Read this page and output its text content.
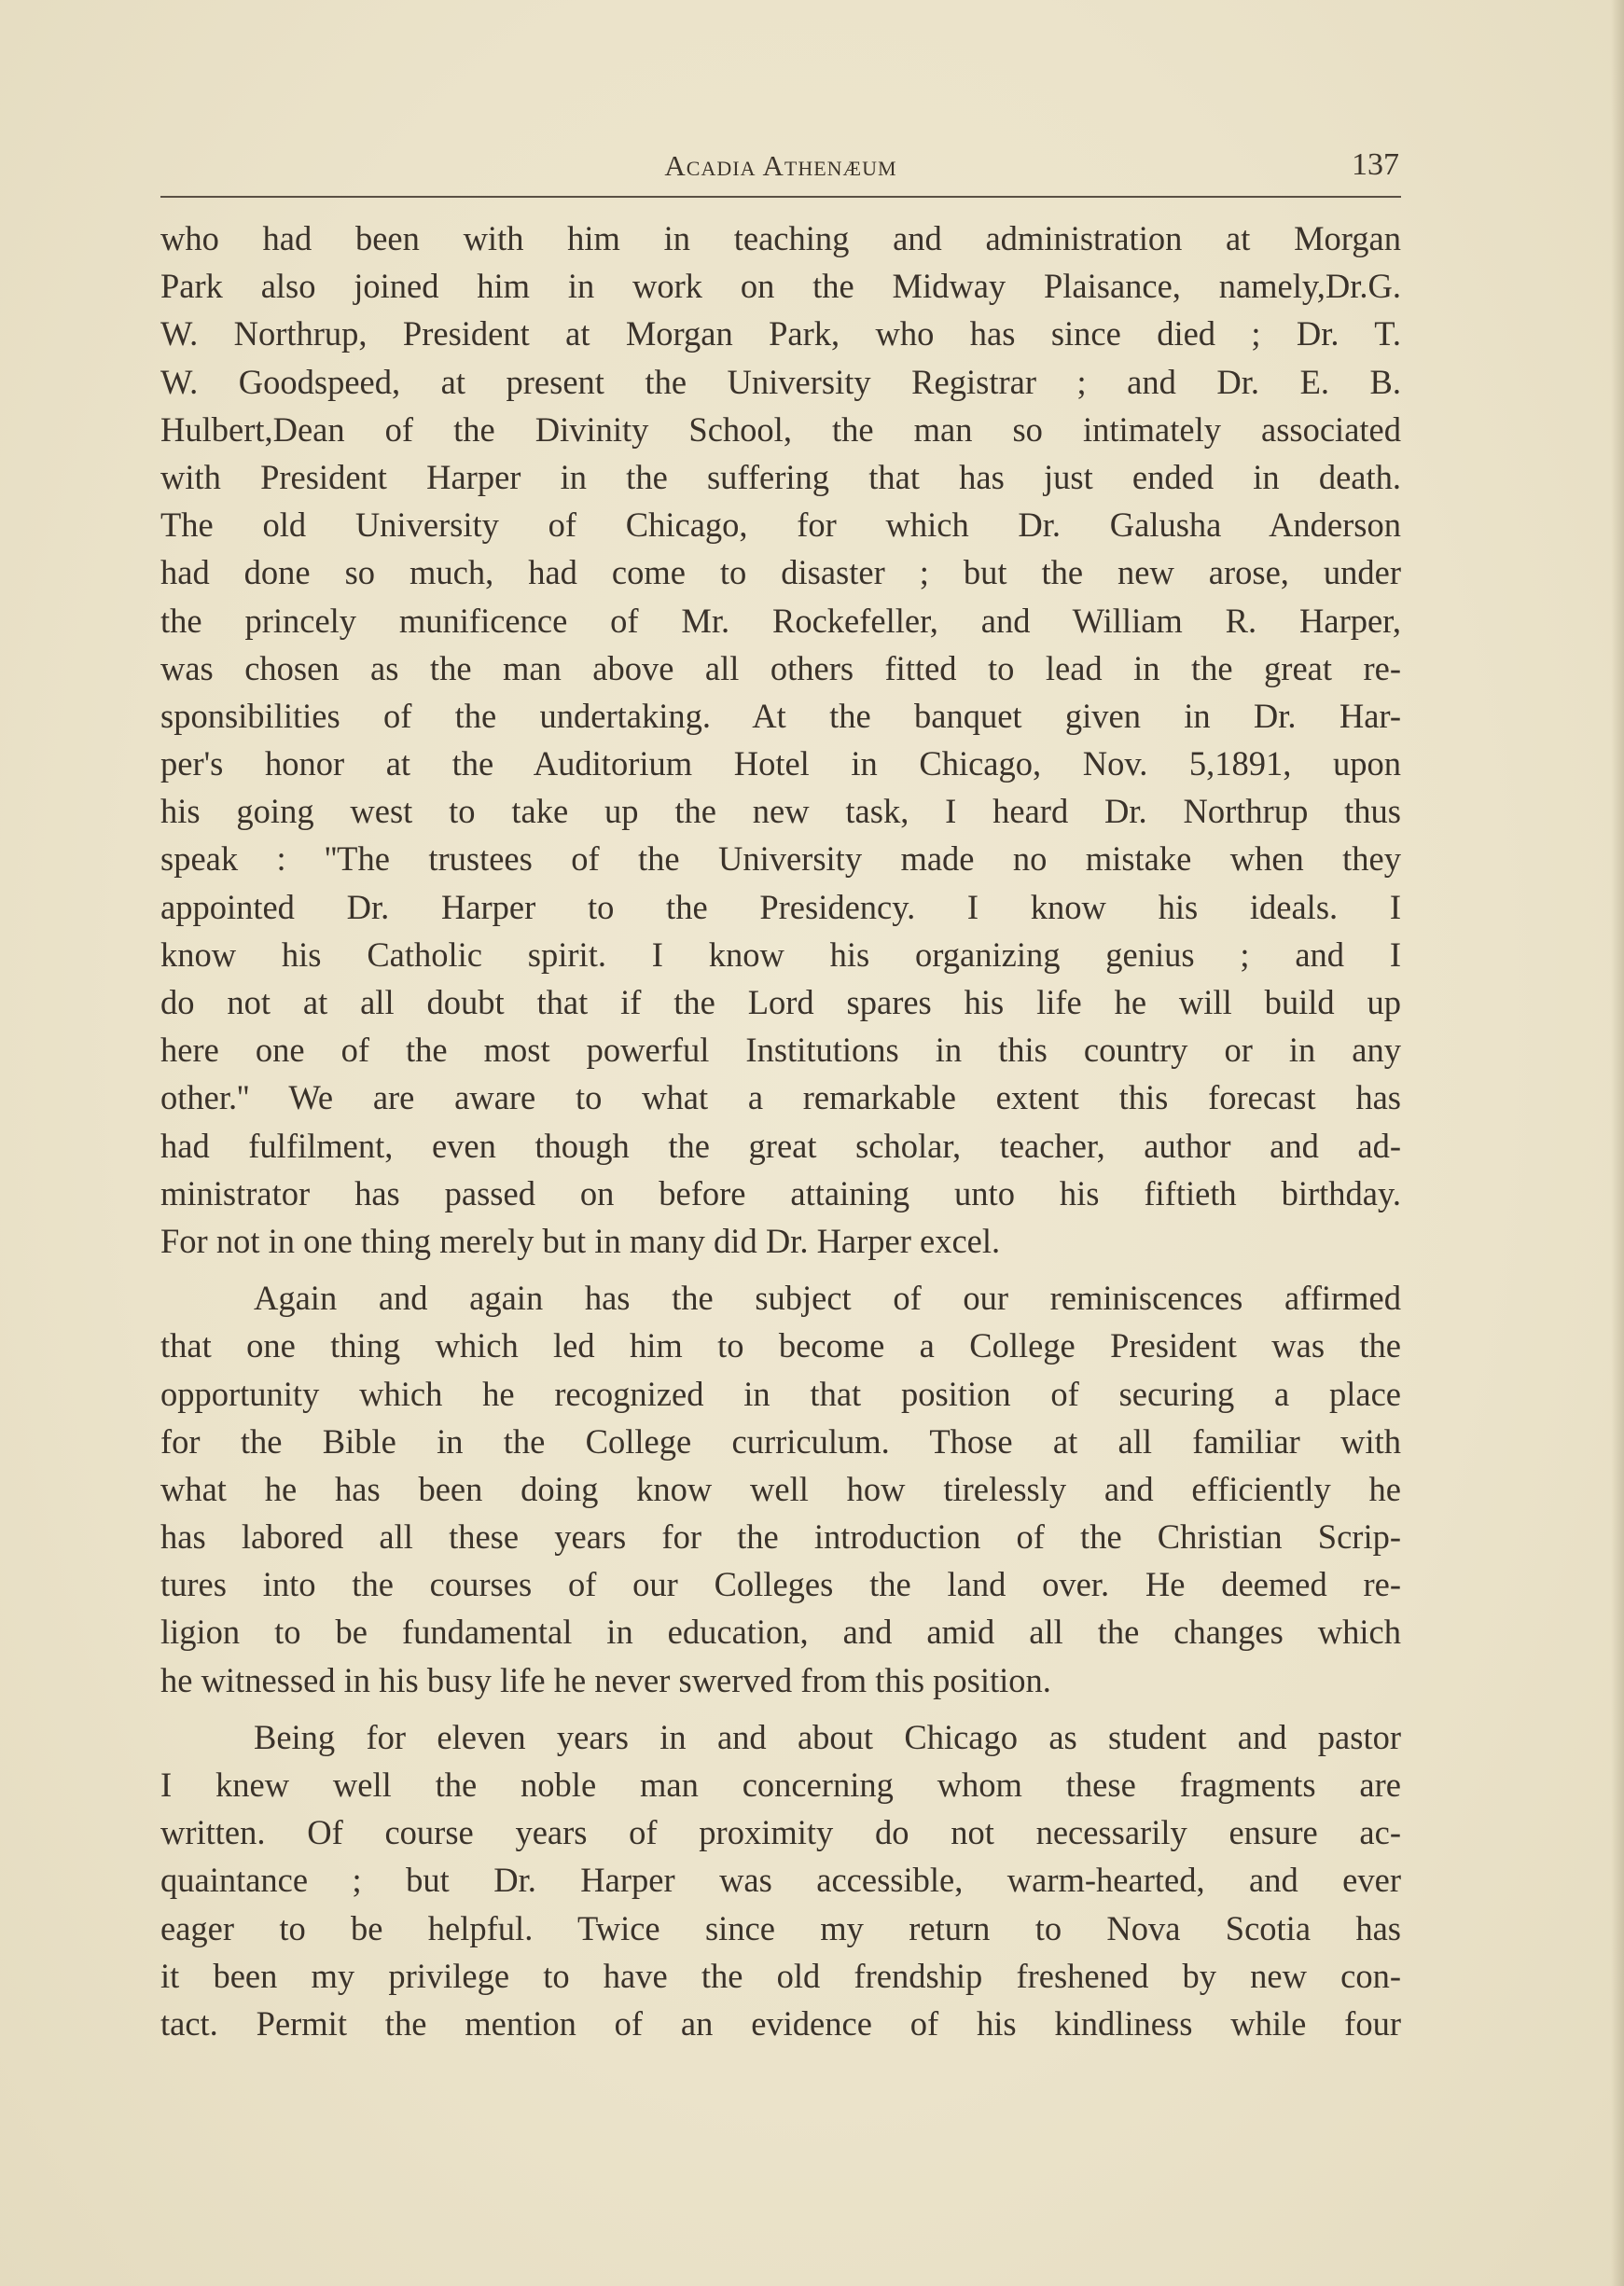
Acadia Athenæum	137
who had been with him in teaching and administration at Morgan
Park also joined him in work on the Midway Plaisance, namely,Dr.G.
W. Northrup, President at Morgan Park, who has since died ; Dr. T.
W. Goodspeed, at present the University Registrar ; and Dr. E. B.
Hulbert,Dean of the Divinity School, the man so intimately associated
with President Harper in the suffering that has just ended in death.
The old University of Chicago, for which Dr. Galusha Anderson
had done so much, had come to disaster ; but the new arose, under
the princely munificence of Mr. Rockefeller, and William R. Harper,
was chosen as the man above all others fitted to lead in the great re-
sponsibilities of the undertaking. At the banquet given in Dr. Har-
per's honor at the Auditorium Hotel in Chicago, Nov. 5,1891, upon
his going west to take up the new task, I heard Dr. Northrup thus
speak : ''The trustees of the University made no mistake when they
appointed Dr. Harper to the Presidency. I know his ideals. I
know his Catholic spirit. I know his organizing genius ; and I
do not at all doubt that if the Lord spares his life he will build up
here one of the most powerful Institutions in this country or in any
other.'' We are aware to what a remarkable extent this forecast has
had fulfilment, even though the great scholar, teacher, author and ad-
ministrator has passed on before attaining unto his fiftieth birthday.
For not in one thing merely but in many did Dr. Harper excel.
Again and again has the subject of our reminiscences affirmed
that one thing which led him to become a College President was the
opportunity which he recognized in that position of securing a place
for the Bible in the College curriculum. Those at all familiar with
what he has been doing know well how tirelessly and efficiently he
has labored all these years for the introduction of the Christian Scrip-
tures into the courses of our Colleges the land over. He deemed re-
ligion to be fundamental in education, and amid all the changes which
he witnessed in his busy life he never swerved from this position.
Being for eleven years in and about Chicago as student and pastor
I knew well the noble man concerning whom these fragments are
written. Of course years of proximity do not necessarily ensure ac-
quaintance ; but Dr. Harper was accessible, warm-hearted, and ever
eager to be helpful. Twice since my return to Nova Scotia has
it been my privilege to have the old frendship freshened by new con-
tact. Permit the mention of an evidence of his kindliness while four
